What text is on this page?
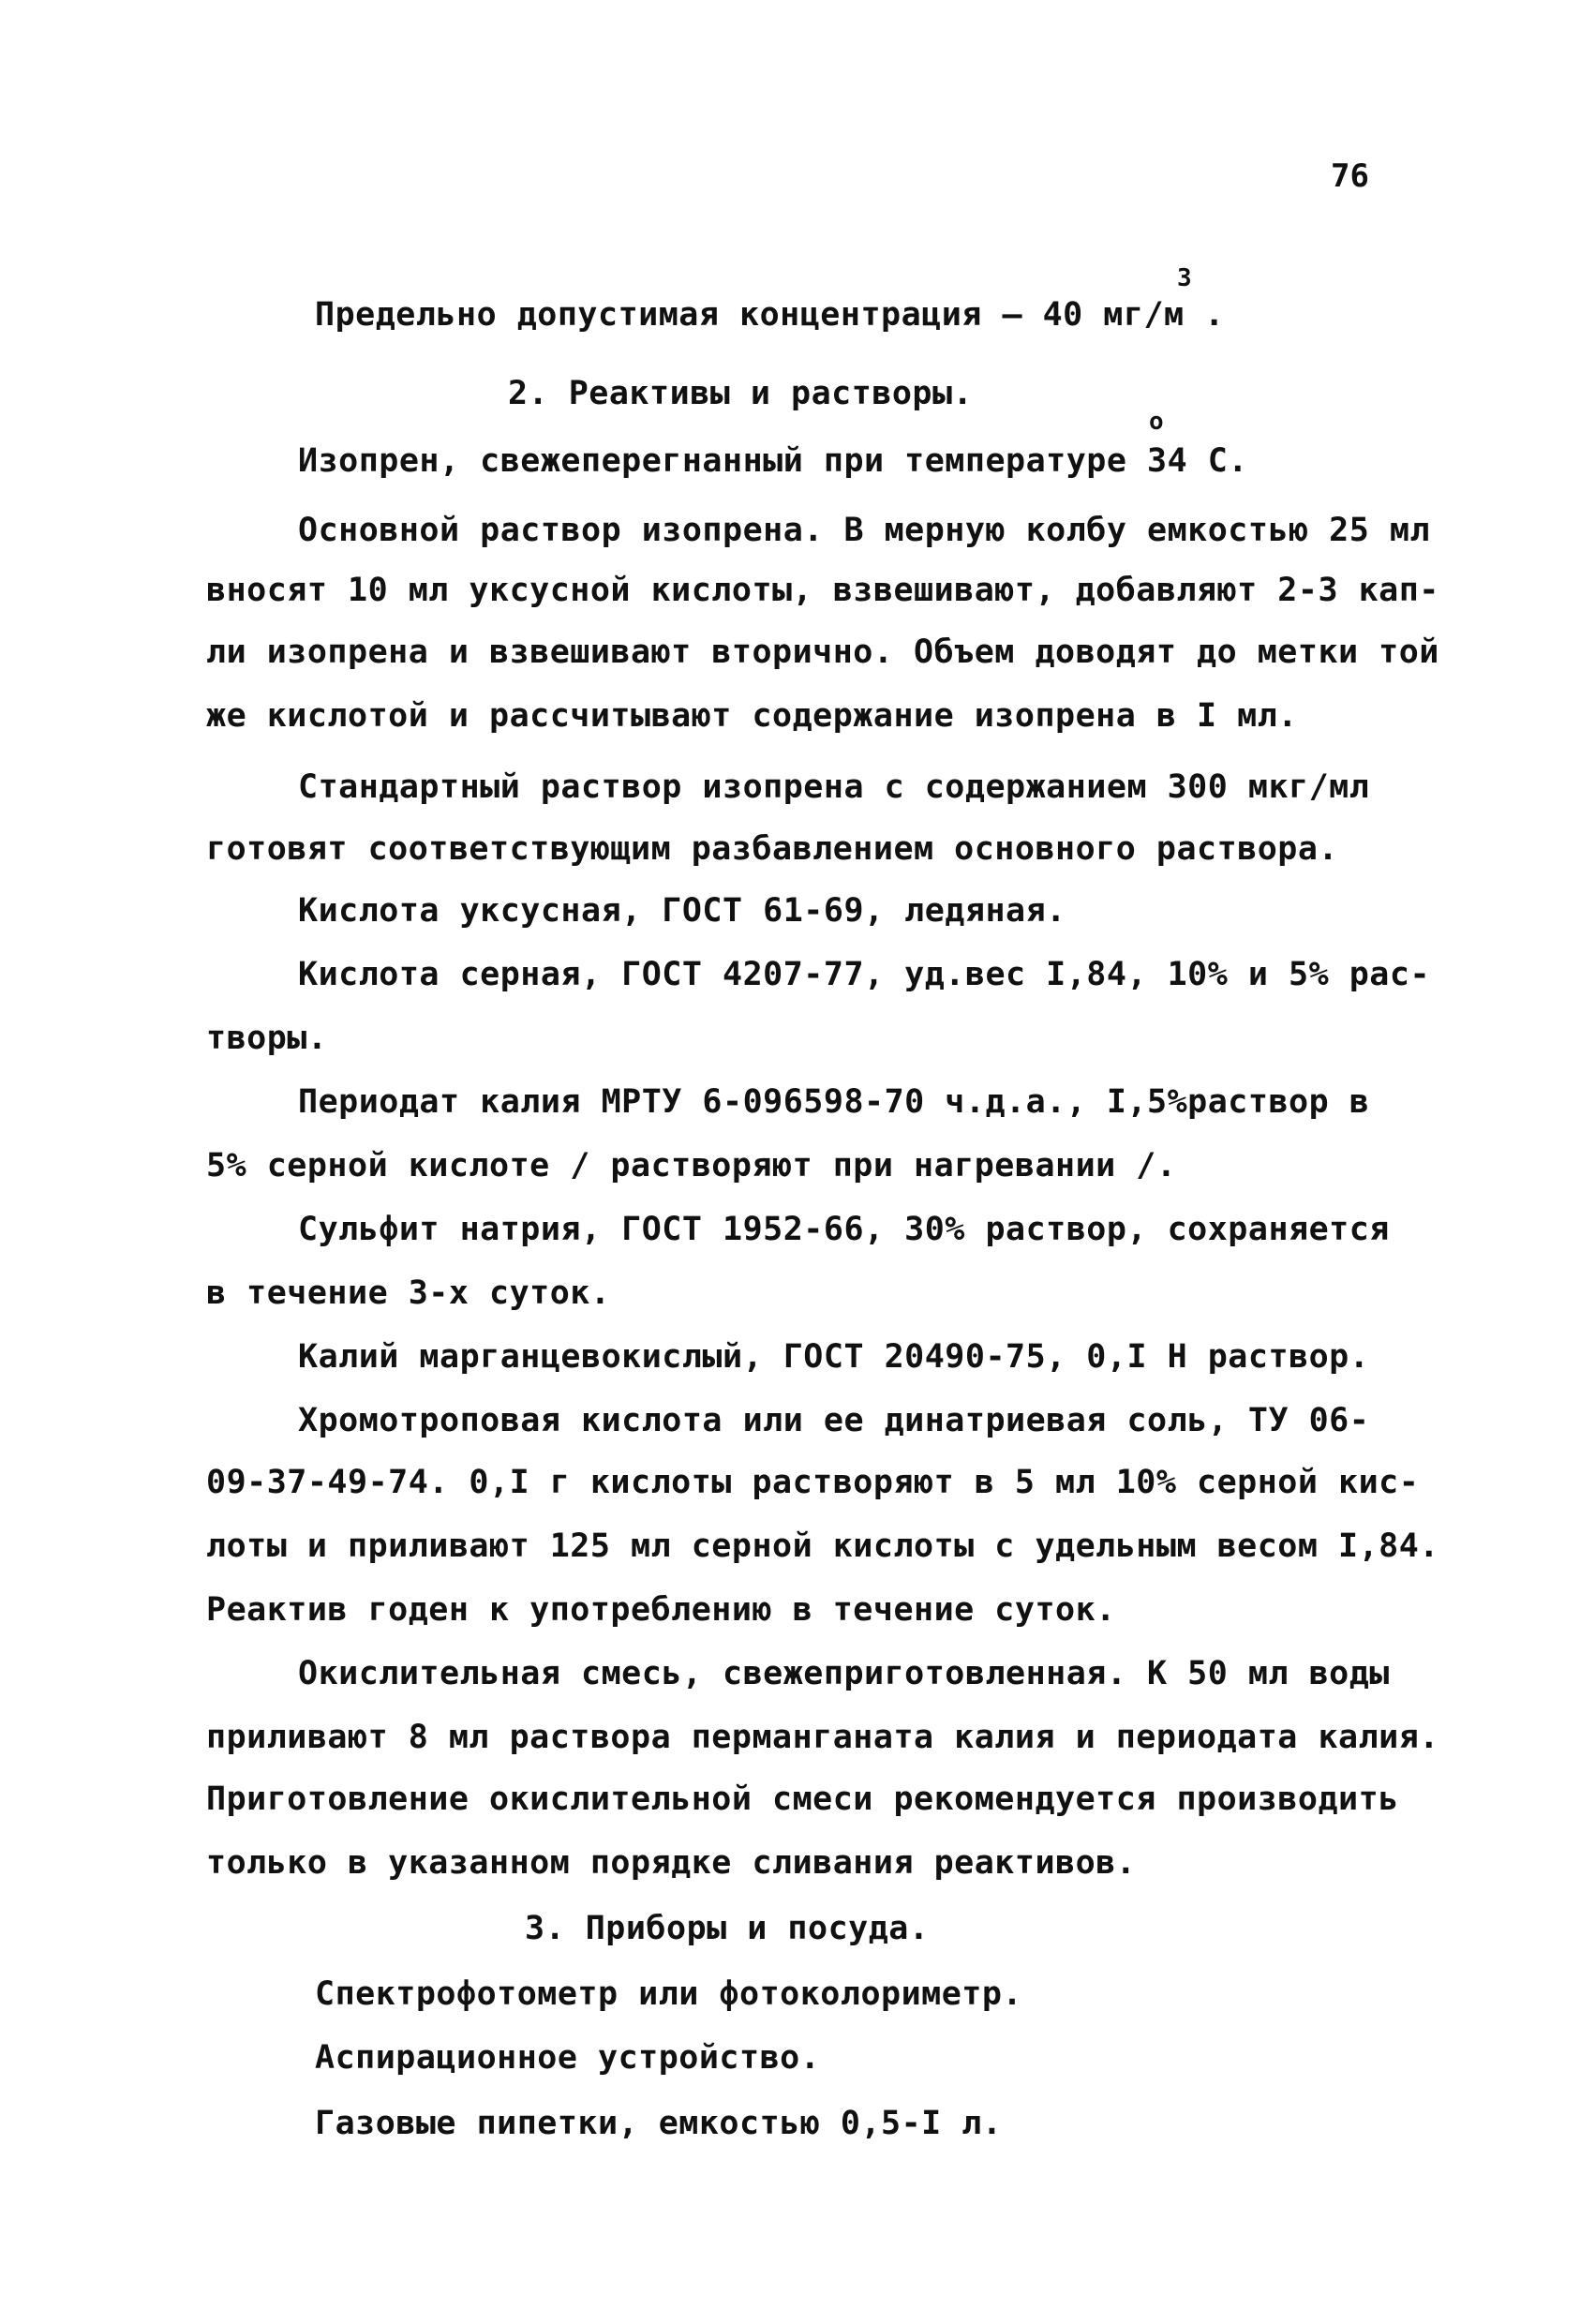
76
3
o
Предельно допустимая концентрация – 40 мг/м .
2. Реактивы и растворы.
Изопрен, свежеперегнанный при температуре 34 С.
Основной раствор изопрена. В мерную колбу емкостью 25 мл
вносят 10 мл уксусной кислоты, взвешивают, добавляют 2-3 кап-
ли изопрена и взвешивают вторично. Объем доводят до метки той
же кислотой и рассчитывают содержание изопрена в I мл.
Стандартный раствор изопрена с содержанием 300 мкг/мл
готовят соответствующим разбавлением основного раствора.
Кислота уксусная, ГОСТ 61-69, ледяная.
Кислота серная, ГОСТ 4207-77, уд.вес I,84, 10% и 5% рас-
творы.
Периодат калия МРТУ 6-096598-70 ч.д.а., I,5%раствор в
5% серной кислоте / растворяют при нагревании /.
Сульфит натрия, ГОСТ 1952-66, 30% раствор, сохраняется
в течение 3-х суток.
Калий марганцевокислый, ГОСТ 20490-75, 0,I Н раствор.
Хромотроповая кислота или ее динатриевая соль, ТУ 06-
09-37-49-74. 0,I г кислоты растворяют в 5 мл 10% серной кис-
лоты и приливают 125 мл серной кислоты с удельным весом I,84.
Реактив годен к употреблению в течение суток.
Окислительная смесь, свежеприготовленная. К 50 мл воды
приливают 8 мл раствора перманганата калия и периодата калия.
Приготовление окислительной смеси рекомендуется производить
только в указанном порядке сливания реактивов.
3. Приборы и посуда.
Спектрофотометр или фотоколориметр.
Аспирационное устройство.
Газовые пипетки, емкостью 0,5-I л.
